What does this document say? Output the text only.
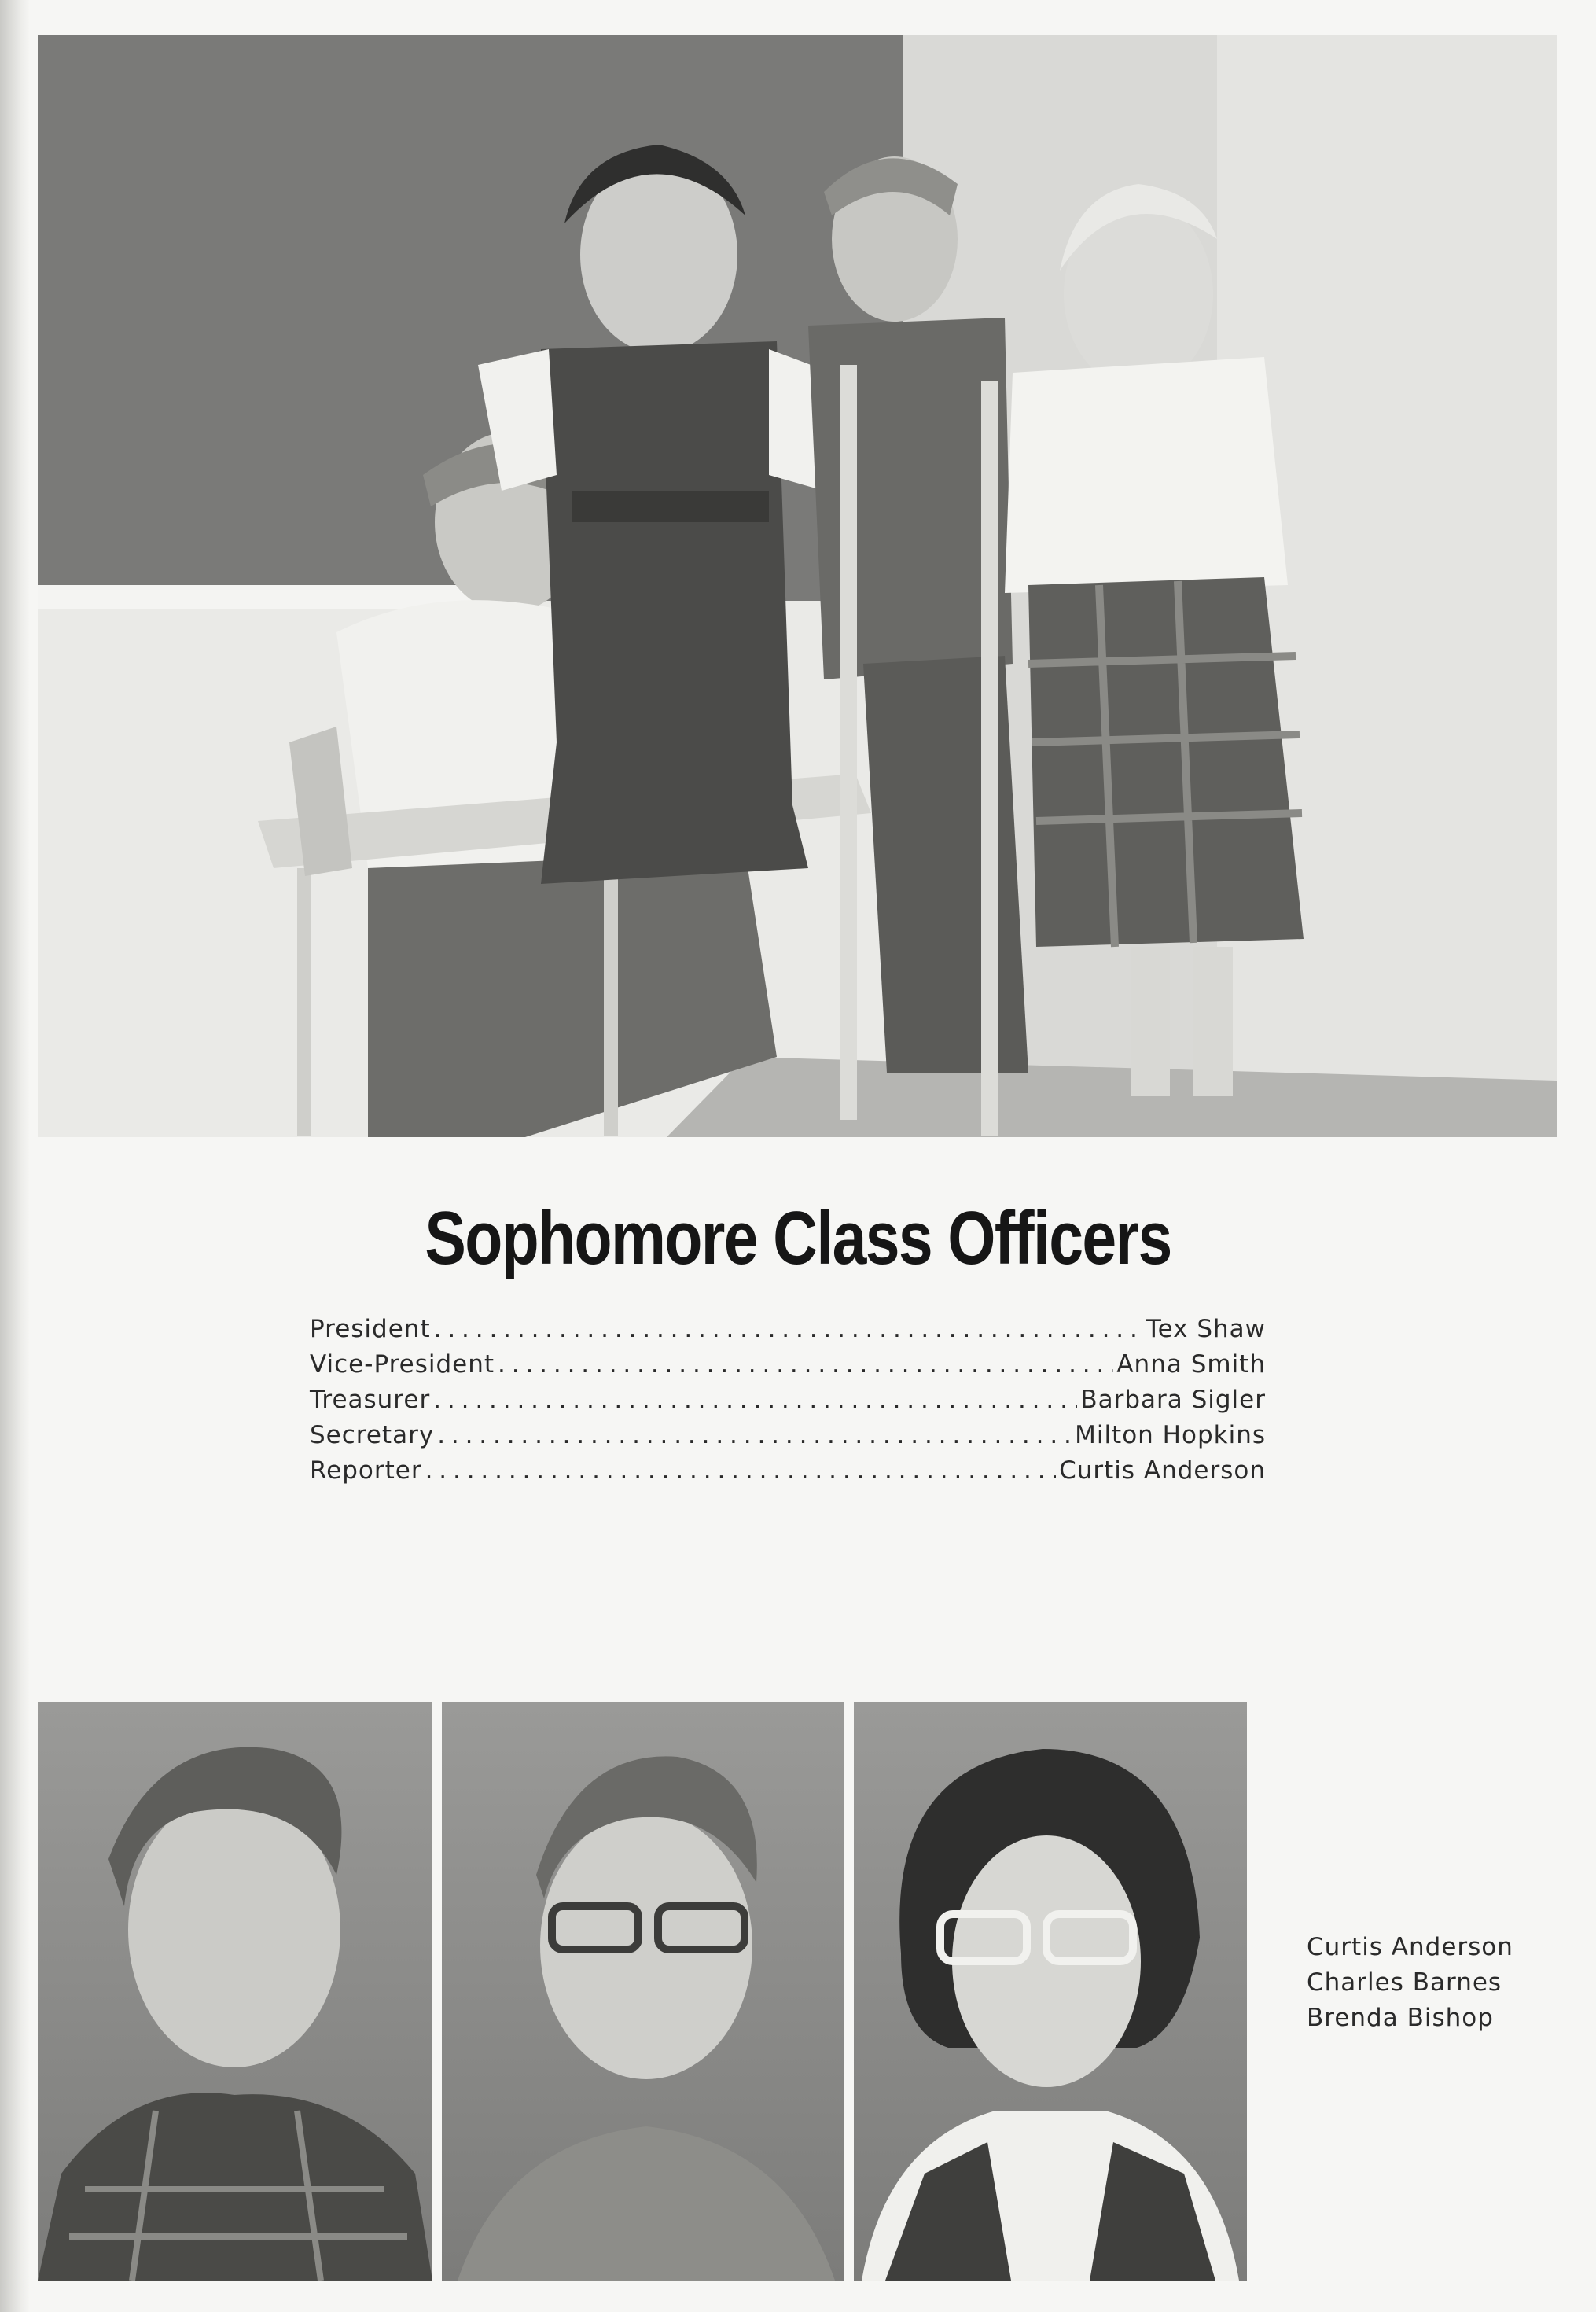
Sophomore Class Officers
President . . .	Tex Shaw
Vice-President . . .	Anna Smith
Treasurer . . .	Barbara Sigler
Secretary . . .	Milton Hopkins
Reporter . . .	Curtis Anderson
Curtis Anderson
Charles Barnes
Brenda Bishop
